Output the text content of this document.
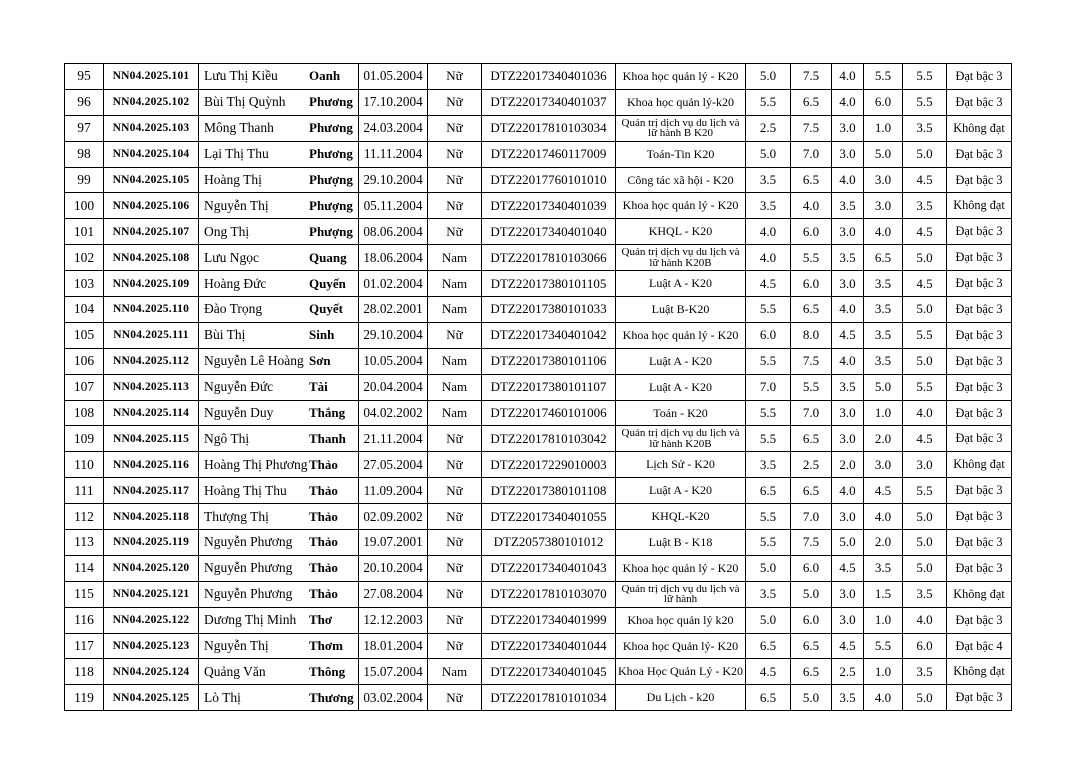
95	NN04.2025.101	Lưu Thị Kiều Oanh	01.05.2004	Nữ	DTZ22017340401036	Khoa học quản lý - K20	5.0	7.5	4.0	5.5	5.5	Đạt bậc 3
96	NN04.2025.102	Bùi Thị Quỳnh Phương	17.10.2004	Nữ	DTZ22017340401037	Khoa học quản lý-k20	5.5	6.5	4.0	6.0	5.5	Đạt bậc 3
97	NN04.2025.103	Mông Thanh Phương	24.03.2004	Nữ	DTZ22017810103034	Quản trị dịch vụ du lịch và lữ hành B K20	2.5	7.5	3.0	1.0	3.5	Không đạt
98	NN04.2025.104	Lại Thị Thu Phương	11.11.2004	Nữ	DTZ22017460117009	Toán-Tin K20	5.0	7.0	3.0	5.0	5.0	Đạt bậc 3
99	NN04.2025.105	Hoàng Thị Phượng	29.10.2004	Nữ	DTZ22017760101010	Công tác xã hội - K20	3.5	6.5	4.0	3.0	4.5	Đạt bậc 3
100	NN04.2025.106	Nguyễn Thị Phượng	05.11.2004	Nữ	DTZ22017340401039	Khoa học quản lý - K20	3.5	4.0	3.5	3.0	3.5	Không đạt
101	NN04.2025.107	Ong Thị Phượng	08.06.2004	Nữ	DTZ22017340401040	KHQL - K20	4.0	6.0	3.0	4.0	4.5	Đạt bậc 3
102	NN04.2025.108	Lưu Ngọc Quang	18.06.2004	Nam	DTZ22017810103066	Quản trị dịch vụ du lịch và lữ hành K20B	4.0	5.5	3.5	6.5	5.0	Đạt bậc 3
103	NN04.2025.109	Hoàng Đức Quyến	01.02.2004	Nam	DTZ22017380101105	Luật A - K20	4.5	6.0	3.0	3.5	4.5	Đạt bậc 3
104	NN04.2025.110	Đào Trọng Quyết	28.02.2001	Nam	DTZ22017380101033	Luật B-K20	5.5	6.5	4.0	3.5	5.0	Đạt bậc 3
105	NN04.2025.111	Bùi Thị Sinh	29.10.2004	Nữ	DTZ22017340401042	Khoa học quản lý - K20	6.0	8.0	4.5	3.5	5.5	Đạt bậc 3
106	NN04.2025.112	Nguyễn Lê Hoàng Sơn	10.05.2004	Nam	DTZ22017380101106	Luật A - K20	5.5	7.5	4.0	3.5	5.0	Đạt bậc 3
107	NN04.2025.113	Nguyễn Đức Tài	20.04.2004	Nam	DTZ22017380101107	Luật A - K20	7.0	5.5	3.5	5.0	5.5	Đạt bậc 3
108	NN04.2025.114	Nguyễn Duy Thắng	04.02.2002	Nam	DTZ22017460101006	Toán - K20	5.5	7.0	3.0	1.0	4.0	Đạt bậc 3
109	NN04.2025.115	Ngô Thị Thanh	21.11.2004	Nữ	DTZ22017810103042	Quản trị dịch vụ du lịch và lữ hành K20B	5.5	6.5	3.0	2.0	4.5	Đạt bậc 3
110	NN04.2025.116	Hoàng Thị Phương Thảo	27.05.2004	Nữ	DTZ22017229010003	Lịch Sử - K20	3.5	2.5	2.0	3.0	3.0	Không đạt
111	NN04.2025.117	Hoàng Thị Thu Thảo	11.09.2004	Nữ	DTZ22017380101108	Luật A - K20	6.5	6.5	4.0	4.5	5.5	Đạt bậc 3
112	NN04.2025.118	Thượng Thị Thảo	02.09.2002	Nữ	DTZ22017340401055	KHQL-K20	5.5	7.0	3.0	4.0	5.0	Đạt bậc 3
113	NN04.2025.119	Nguyễn Phương Thảo	19.07.2001	Nữ	DTZ2057380101012	Luật B - K18	5.5	7.5	5.0	2.0	5.0	Đạt bậc 3
114	NN04.2025.120	Nguyễn Phương Thảo	20.10.2004	Nữ	DTZ22017340401043	Khoa học quản lý - K20	5.0	6.0	4.5	3.5	5.0	Đạt bậc 3
115	NN04.2025.121	Nguyễn Phương Thảo	27.08.2004	Nữ	DTZ22017810103070	Quản trị dịch vụ du lịch và lữ hành	3.5	5.0	3.0	1.5	3.5	Không đạt
116	NN04.2025.122	Dương Thị Minh Thơ	12.12.2003	Nữ	DTZ22017340401999	Khoa học quản lý k20	5.0	6.0	3.0	1.0	4.0	Đạt bậc 3
117	NN04.2025.123	Nguyễn Thị Thơm	18.01.2004	Nữ	DTZ22017340401044	Khoa học Quản lý- K20	6.5	6.5	4.5	5.5	6.0	Đạt bậc 4
118	NN04.2025.124	Quảng Văn Thông	15.07.2004	Nam	DTZ22017340401045	Khoa Học Quản Lý - K20	4.5	6.5	2.5	1.0	3.5	Không đạt
119	NN04.2025.125	Lò Thị Thương	03.02.2004	Nữ	DTZ22017810101034	Du Lịch - k20	6.5	5.0	3.5	4.0	5.0	Đạt bậc 3
